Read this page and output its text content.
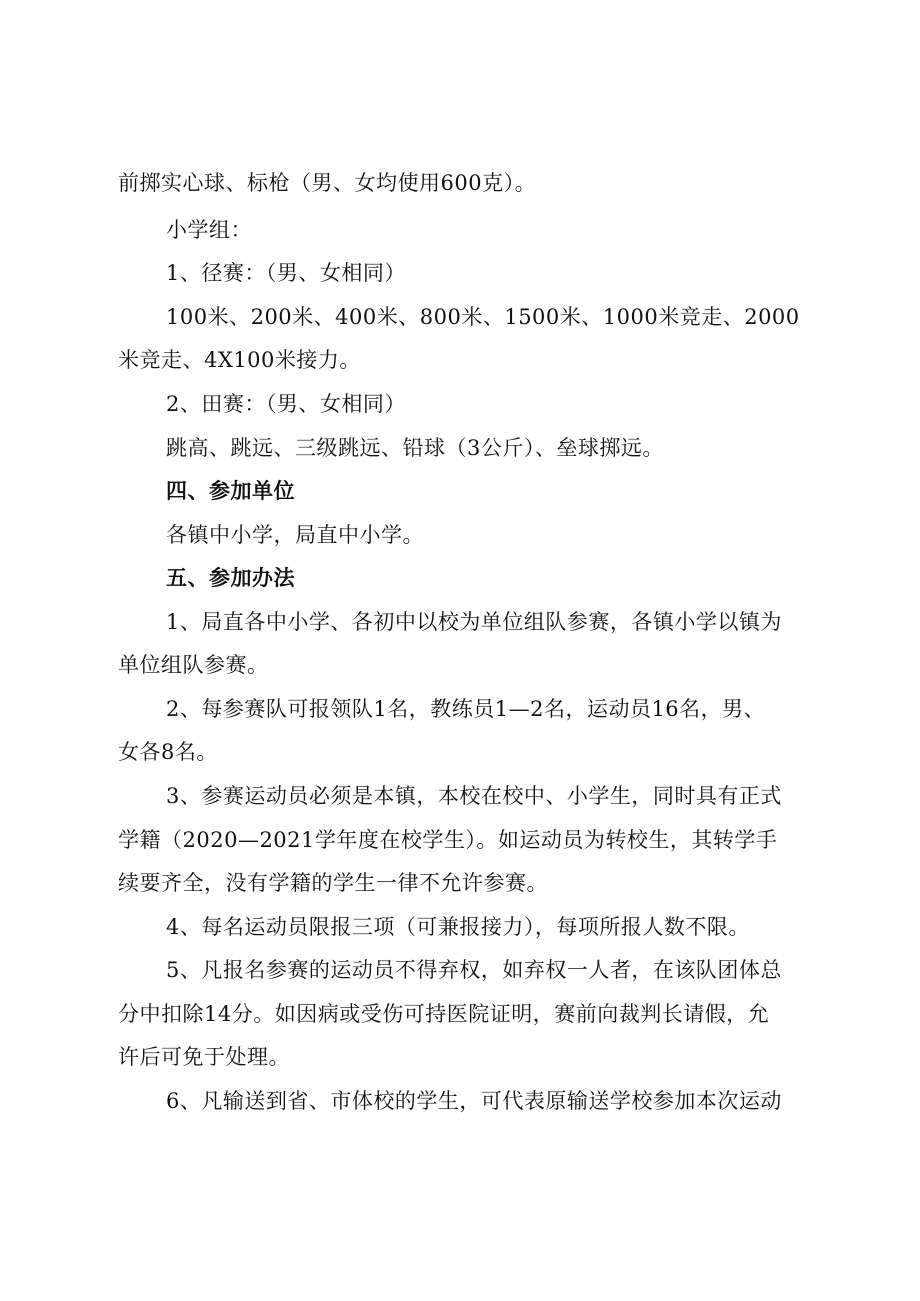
前掷实心球、标枪（男、女均使用600克）。
小学组：
1、径赛：（男、女相同）
100米、200米、400米、800米、1500米、1000米竞走、2000
米竞走、4X100米接力。
2、田赛：（男、女相同）
跳高、跳远、三级跳远、铅球（3公斤）、垒球掷远。
四、参加单位
各镇中小学，局直中小学。
五、参加办法
1、局直各中小学、各初中以校为单位组队参赛，各镇小学以镇为
单位组队参赛。
2、每参赛队可报领队1名，教练员1—2名，运动员16名，男、
女各8名。
3、参赛运动员必须是本镇，本校在校中、小学生，同时具有正式
学籍（2020—2021学年度在校学生）。如运动员为转校生，其转学手
续要齐全，没有学籍的学生一律不允许参赛。
4、每名运动员限报三项（可兼报接力），每项所报人数不限。
5、凡报名参赛的运动员不得弃权，如弃权一人者，在该队团体总
分中扣除14分。如因病或受伤可持医院证明，赛前向裁判长请假，允
许后可免于处理。
6、凡输送到省、市体校的学生，可代表原输送学校参加本次运动
